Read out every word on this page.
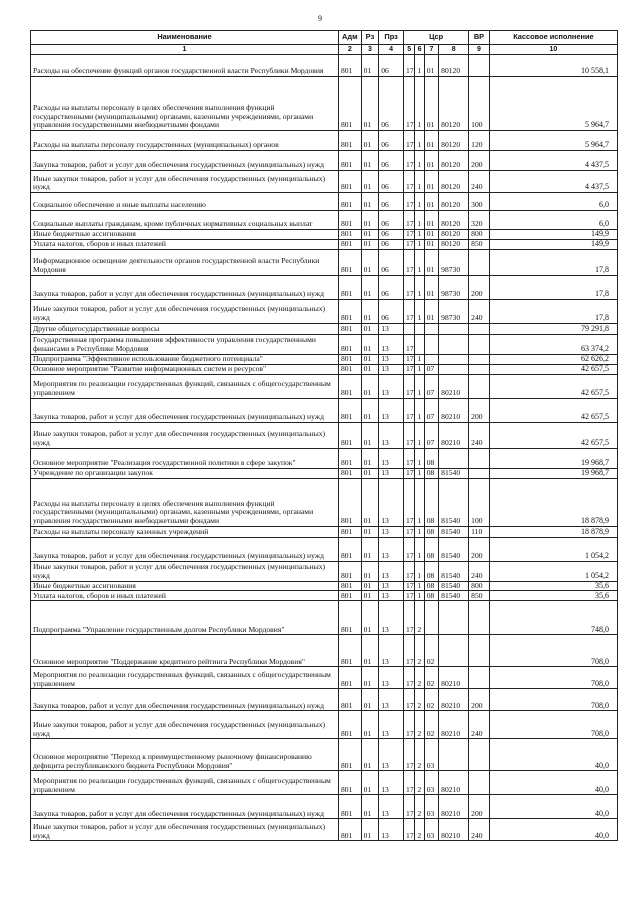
9
Наименование	Адм	Рз	Прз	Цср				ВР	Кассовое исполнение
1	2	3	4	5	6	7	8	9	10
Расходы на обеспечение функций органов государственной власти Республики Мордовия	801	01	06	17	1	01	80120		10 558,1
Расходы на выплаты персоналу в целях обеспечения выполнения функций государственными (муниципальными) органами, казенными учреждениями, органами управления государственными внебюджетными фондами	801	01	06	17	1	01	80120	100	5 964,7
Расходы на выплаты персоналу государственных (муниципальных) органов	801	01	06	17	1	01	80120	120	5 964,7
Закупка товаров, работ и услуг для обеспечения государственных (муниципальных) нужд	801	01	06	17	1	01	80120	200	4 437,5
Иные закупки товаров, работ и услуг для обеспечения государственных (муниципальных) нужд	801	01	06	17	1	01	80120	240	4 437,5
Социальное обеспечение и иные выплаты населению	801	01	06	17	1	01	80120	300	6,0
Социальные выплаты гражданам, кроме публичных нормативных социальных выплат	801	01	06	17	1	01	80120	320	6,0
Иные бюджетные ассигнования	801	01	06	17	1	01	80120	800	149,9
Уплата налогов, сборов и иных платежей	801	01	06	17	1	01	80120	850	149,9
Информационное освещение деятельности органов государственной власти Республики Мордовия	801	01	06	17	1	01	98730		17,8
Закупка товаров, работ и услуг для обеспечения государственных (муниципальных) нужд	801	01	06	17	1	01	98730	200	17,8
Иные закупки товаров, работ и услуг для обеспечения государственных (муниципальных) нужд	801	01	06	17	1	01	98730	240	17,8
Другие общегосударственные вопросы	801	01	13						79 291,8
Государственная программа повышения эффективности управления государственными финансами в Республике Мордовия	801	01	13	17					63 374,2
Подпрограмма "Эффективное использование бюджетного потенциала"	801	01	13	17	1				62 626,2
Основное мероприятие "Развитие информационных систем и ресурсов"	801	01	13	17	1	07			42 657,5
Мероприятия по реализации государственных функций, связанных с общегосударственным управлением	801	01	13	17	1	07	80210		42 657,5
Закупка товаров, работ и услуг для обеспечения государственных (муниципальных) нужд	801	01	13	17	1	07	80210	200	42 657,5
Иные закупки товаров, работ и услуг для обеспечения государственных (муниципальных) нужд	801	01	13	17	1	07	80210	240	42 657,5
Основное мероприятие "Реализация государственной политики в сфере закупок"	801	01	13	17	1	08			19 968,7
Учреждение по организации закупок	801	01	13	17	1	08	81540		19 968,7
Расходы на выплаты персоналу в целях обеспечения выполнения функций государственными (муниципальными) органами, казенными учреждениями, органами управления государственными внебюджетными фондами	801	01	13	17	1	08	81540	100	18 878,9
Расходы на выплаты персоналу казенных учреждений	801	01	13	17	1	08	81540	110	18 878,9
Закупка товаров, работ и услуг для обеспечения государственных (муниципальных) нужд	801	01	13	17	1	08	81540	200	1 054,2
Иные закупки товаров, работ и услуг для обеспечения государственных (муниципальных) нужд	801	01	13	17	1	08	81540	240	1 054,2
Иные бюджетные ассигнования	801	01	13	17	1	08	81540	800	35,6
Уплата налогов, сборов и иных платежей	801	01	13	17	1	08	81540	850	35,6
Подпрограмма "Управление государственным долгом Республики Мордовия"	801	01	13	17	2				748,0
Основное мероприятие "Поддержание кредитного рейтинга Республики Мордовия"	801	01	13	17	2	02			708,0
Мероприятия по реализации государственных функций, связанных с общегосударственным управлением	801	01	13	17	2	02	80210		708,0
Закупка товаров, работ и услуг для обеспечения государственных (муниципальных) нужд	801	01	13	17	2	02	80210	200	708,0
Иные закупки товаров, работ и услуг для обеспечения государственных (муниципальных) нужд	801	01	13	17	2	02	80210	240	708,0
Основное мероприятие "Переход к преимущественному рыночному финансированию дефицита республиканского бюджета Республики Мордовия"	801	01	13	17	2	03			40,0
Мероприятия по реализации государственных функций, связанных с общегосударственным управлением	801	01	13	17	2	03	80210		40,0
Закупка товаров, работ и услуг для обеспечения государственных (муниципальных) нужд	801	01	13	17	2	03	80210	200	40,0
Иные закупки товаров, работ и услуг для обеспечения государственных (муниципальных) нужд	801	01	13	17	2	03	80210	240	40,0
